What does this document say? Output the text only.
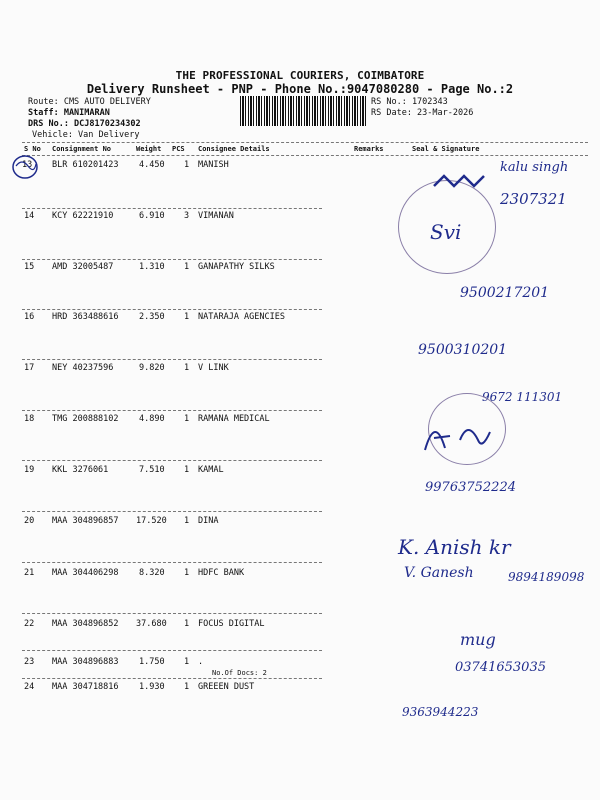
THE PROFESSIONAL COURIERS, COIMBATORE
Delivery Runsheet - PNP - Phone No.:9047080280 - Page No.:2
Route: CMS AUTO DELIVERY
Staff: MANIMARAN
DRS No.: DCJ8170234302
Vehicle: Van Delivery
RS No.: 1702343
RS Date: 23-Mar-2026
S No Consignment No	Weight PCS Consignee Details	Remarks	Seal & Signature
13 BLR 610201423 4.450 1 MANISH
14 KCY 62221910	6.910 3 VIMANAN
15 AMD 32005487	1.310 1 GANAPATHY SILKS
16 HRD 363488616 2.350 1 NATARAJA AGENCIES
17 NEY 40237596	9.820 1 V LINK
18 TMG 200888102 4.890 1 RAMANA MEDICAL
19 KKL 3276061	7.510 1 KAMAL
20 MAA 304896857 17.520 1 DINA
21 MAA 304406298 8.320 1 HDFC BANK
22 MAA 304896852 37.680 1 FOCUS DIGITAL
23 MAA 304896883 1.750 1 .
No.Of Docs: 2
24 MAA 304718816 1.930 1 GREEEN DUST
kalu singh
2307321
Svi
9500217201
9500310201
9672 111301
99763752224
K. Anish kr
V. Ganesh	9894189098
mug
03741653035
9363944223
